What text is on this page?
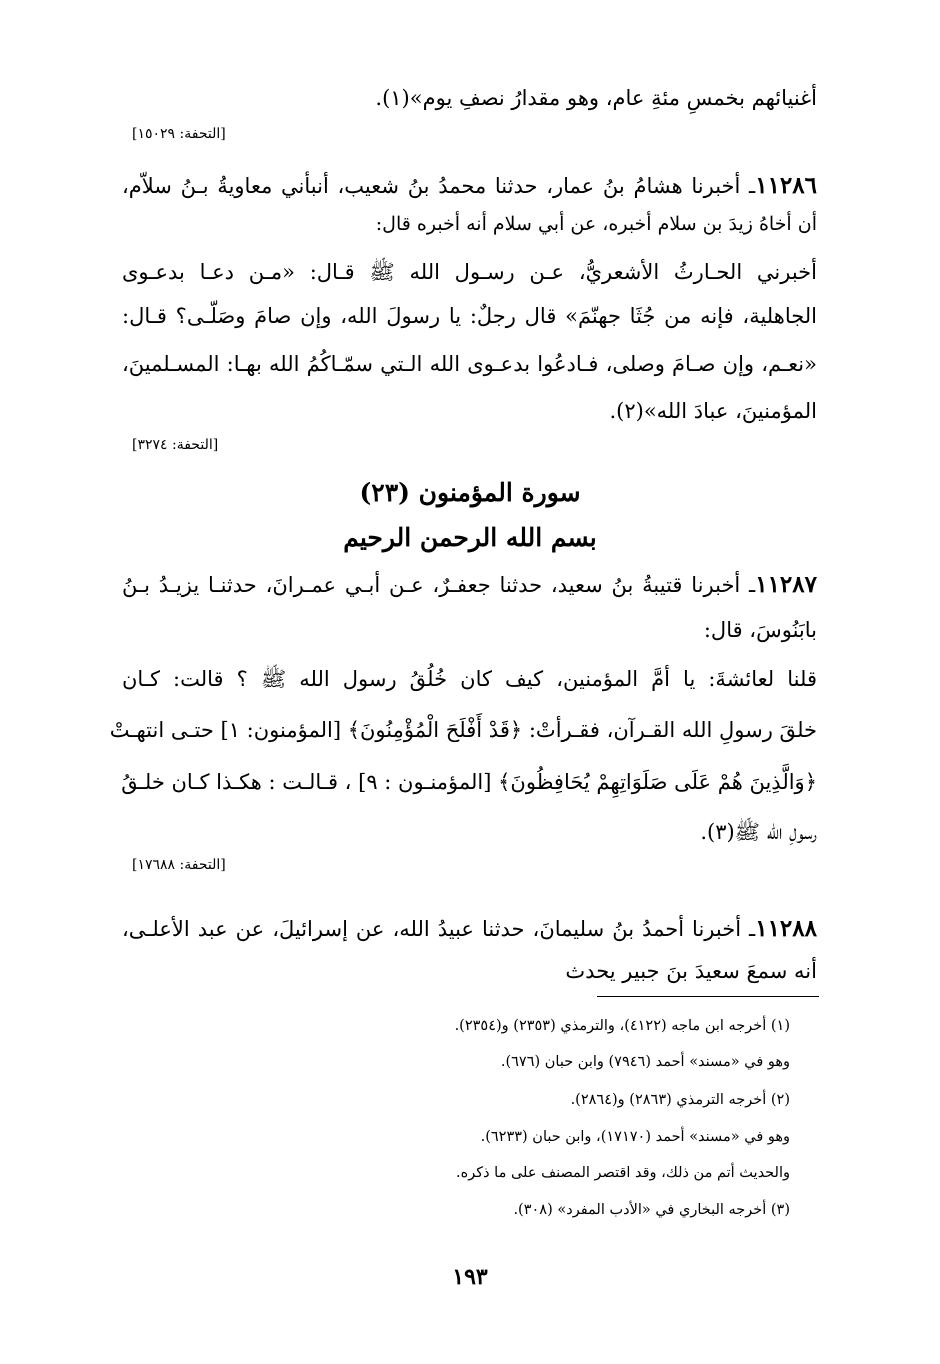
أغنيائهم بخمسِ مئةِ عام، وهو مقدارُ نصفِ يوم»(١).
[التحفة: ١٥٠٢٩]
١١٢٨٦ـ أخبرنا هشامُ بنُ عمار، حدثنا محمدُ بنُ شعيب، أنبأني معاويةُ بـنُ سلاّم،
أن أخاهُ زيدَ بن سلام أخبره، عن أبي سلام أنه أخبره قال:
أخبرني الحـارثُ الأشعريُّ، عـن رسـول الله ﷺ قـال: «مـن دعـا بدعـوى
الجاهلية، فإنه من جُثَا جهنّمَ» قال رجلٌ: يا رسولَ الله، وإن صامَ وصَلّـى؟ قـال:
«نعـم، وإن صـامَ وصلى، فـادعُوا بدعـوى الله الـتي سمّـاكُمُ الله بهـا: المسـلمينَ،
المؤمنينَ، عبادَ الله»(٢).
[التحفة: ٣٢٧٤]
سورة المؤمنون (٢٣)
بسم الله الرحمن الرحيم
١١٢٨٧ـ أخبرنا قتيبةُ بنُ سعيد، حدثنا جعفـرٌ، عـن أبـي عمـرانَ، حدثنـا يزيـدُ بـنُ
بابَنُوسَ، قال:
قلنا لعائشةَ: يا أمَّ المؤمنين، كيف كان خُلُقُ رسول الله ﷺ ؟ قالت: كـان
خلقَ رسولِ الله القـرآن، فقـرأتْ: ﴿قَدْ أَفْلَحَ الْمُؤْمِنُونَ﴾ [المؤمنون: ١] حتـى انتهـتْ
﴿وَالَّذِينَ هُمْ عَلَى صَلَوَاتِهِمْ يُحَافِظُونَ﴾ [المؤمنـون : ٩] ، قـالـت : هكـذا كـان خلـقُ
رسولِ الله ﷺ(٣).
[التحفة: ١٧٦٨٨]
١١٢٨٨ـ أخبرنا أحمدُ بنُ سليمانَ، حدثنا عبيدُ الله، عن إسرائيلَ، عن عبد الأعلـى،
أنه سمعَ سعيدَ بنَ جبير يحدث
(١) أخرجه ابن ماجه (٤١٢٢)، والترمذي (٢٣٥٣) و(٢٣٥٤).
وهو في «مسند» أحمد (٧٩٤٦) وابن حبان (٦٧٦).
(٢) أخرجه الترمذي (٢٨٦٣) و(٢٨٦٤).
وهو في «مسند» أحمد (١٧١٧٠)، وابن حبان (٦٢٣٣).
والحديث أتم من ذلك، وقد اقتصر المصنف على ما ذكره.
(٣) أخرجه البخاري في «الأدب المفرد» (٣٠٨).
١٩٣
